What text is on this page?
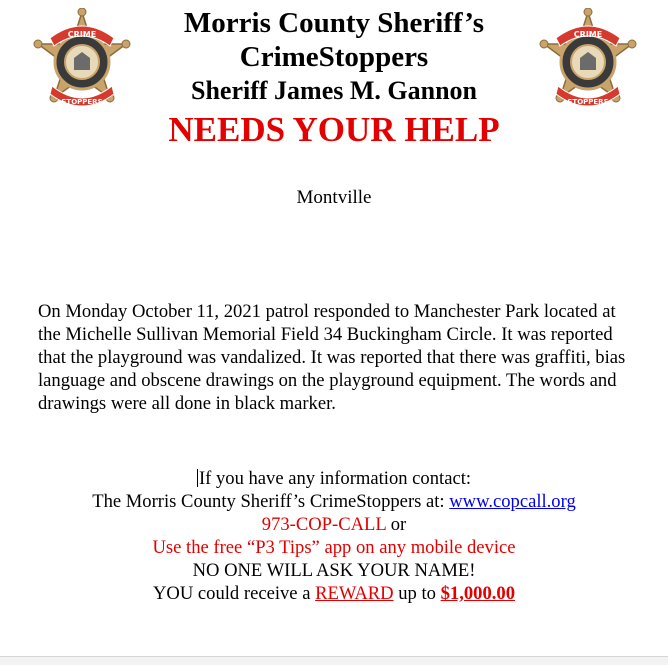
CRIME
STOPPERS
CRIME
STOPPERS
Morris County Sheriff’s
CrimeStoppers
Sheriff James M. Gannon
NEEDS YOUR HELP
Montville
On Monday October 11, 2021 patrol responded to Manchester Park located at the Michelle Sullivan Memorial Field 34 Buckingham Circle. It was reported that the playground was vandalized. It was reported that there was graffiti, bias language and obscene drawings on the playground equipment. The words and drawings were all done in black marker.
If you have any information contact:
The Morris County Sheriff’s CrimeStoppers at: www.copcall.org
973-COP-CALL or
Use the free “P3 Tips” app on any mobile device
NO ONE WILL ASK YOUR NAME!
YOU could receive a REWARD up to $1,000.00
